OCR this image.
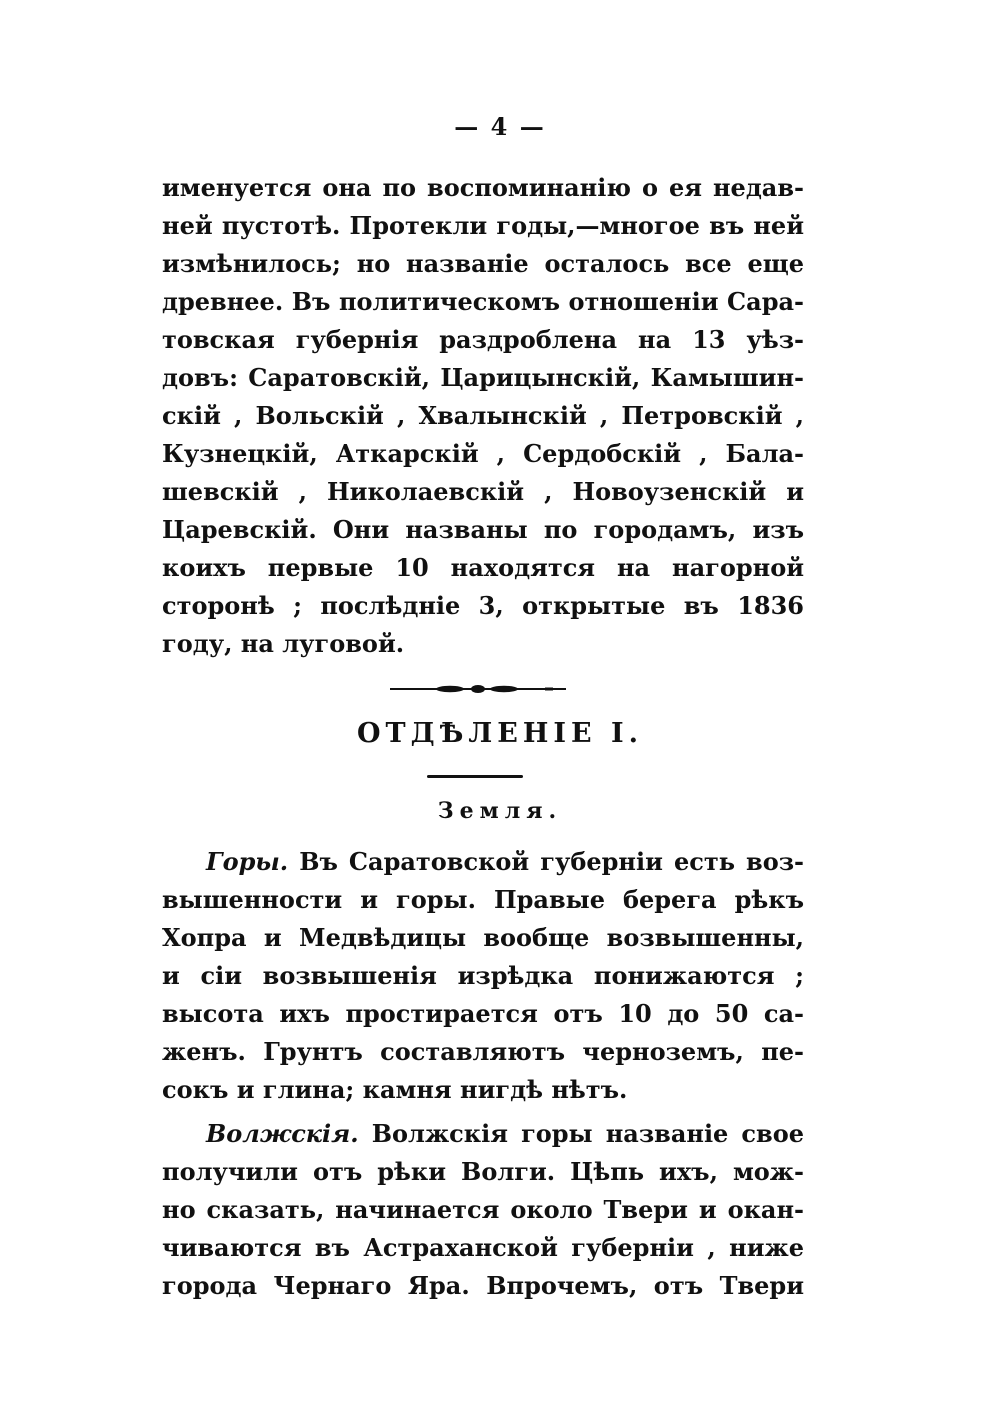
— 4 —
именуется она по воспоминанію о ея недав-
ней пустотѣ. Протекли годы,—многое въ ней
измѣнилось; но названіе осталось все еще
древнее. Въ политическомъ отношеніи Сара-
товская губернія раздроблена на 13 уѣз-
довъ: Саратовскій, Царицынскій, Камышин-
скій , Вольскій , Хвалынскій , Петровскій ,
Кузнецкій, Аткарскій , Сердобскій , Бала-
шевскій , Николаевскій , Новоузенскій и
Царевскій. Они названы по городамъ, изъ
коихъ первые 10 находятся на нагорной
сторонѣ ; послѣдніе 3, открытые въ 1836
году, на луговой.
ОТДѢЛЕНІЕ І.
Земля.
Горы. Въ Саратовской губерніи есть воз-
вышенности и горы. Правые берега рѣкъ
Хопра и Медвѣдицы вообще возвышенны,
и сіи возвышенія изрѣдка понижаются ;
высота ихъ простирается отъ 10 до 50 са-
женъ. Грунтъ составляютъ черноземъ, пе-
сокъ и глина; камня нигдѣ нѣтъ.
Волжскія. Волжскія горы названіе свое
получили отъ рѣки Волги. Цѣпь ихъ, мож-
но сказать, начинается около Твери и окан-
чиваются въ Астраханской губерніи , ниже
города Чернаго Яра. Впрочемъ, отъ Твери
